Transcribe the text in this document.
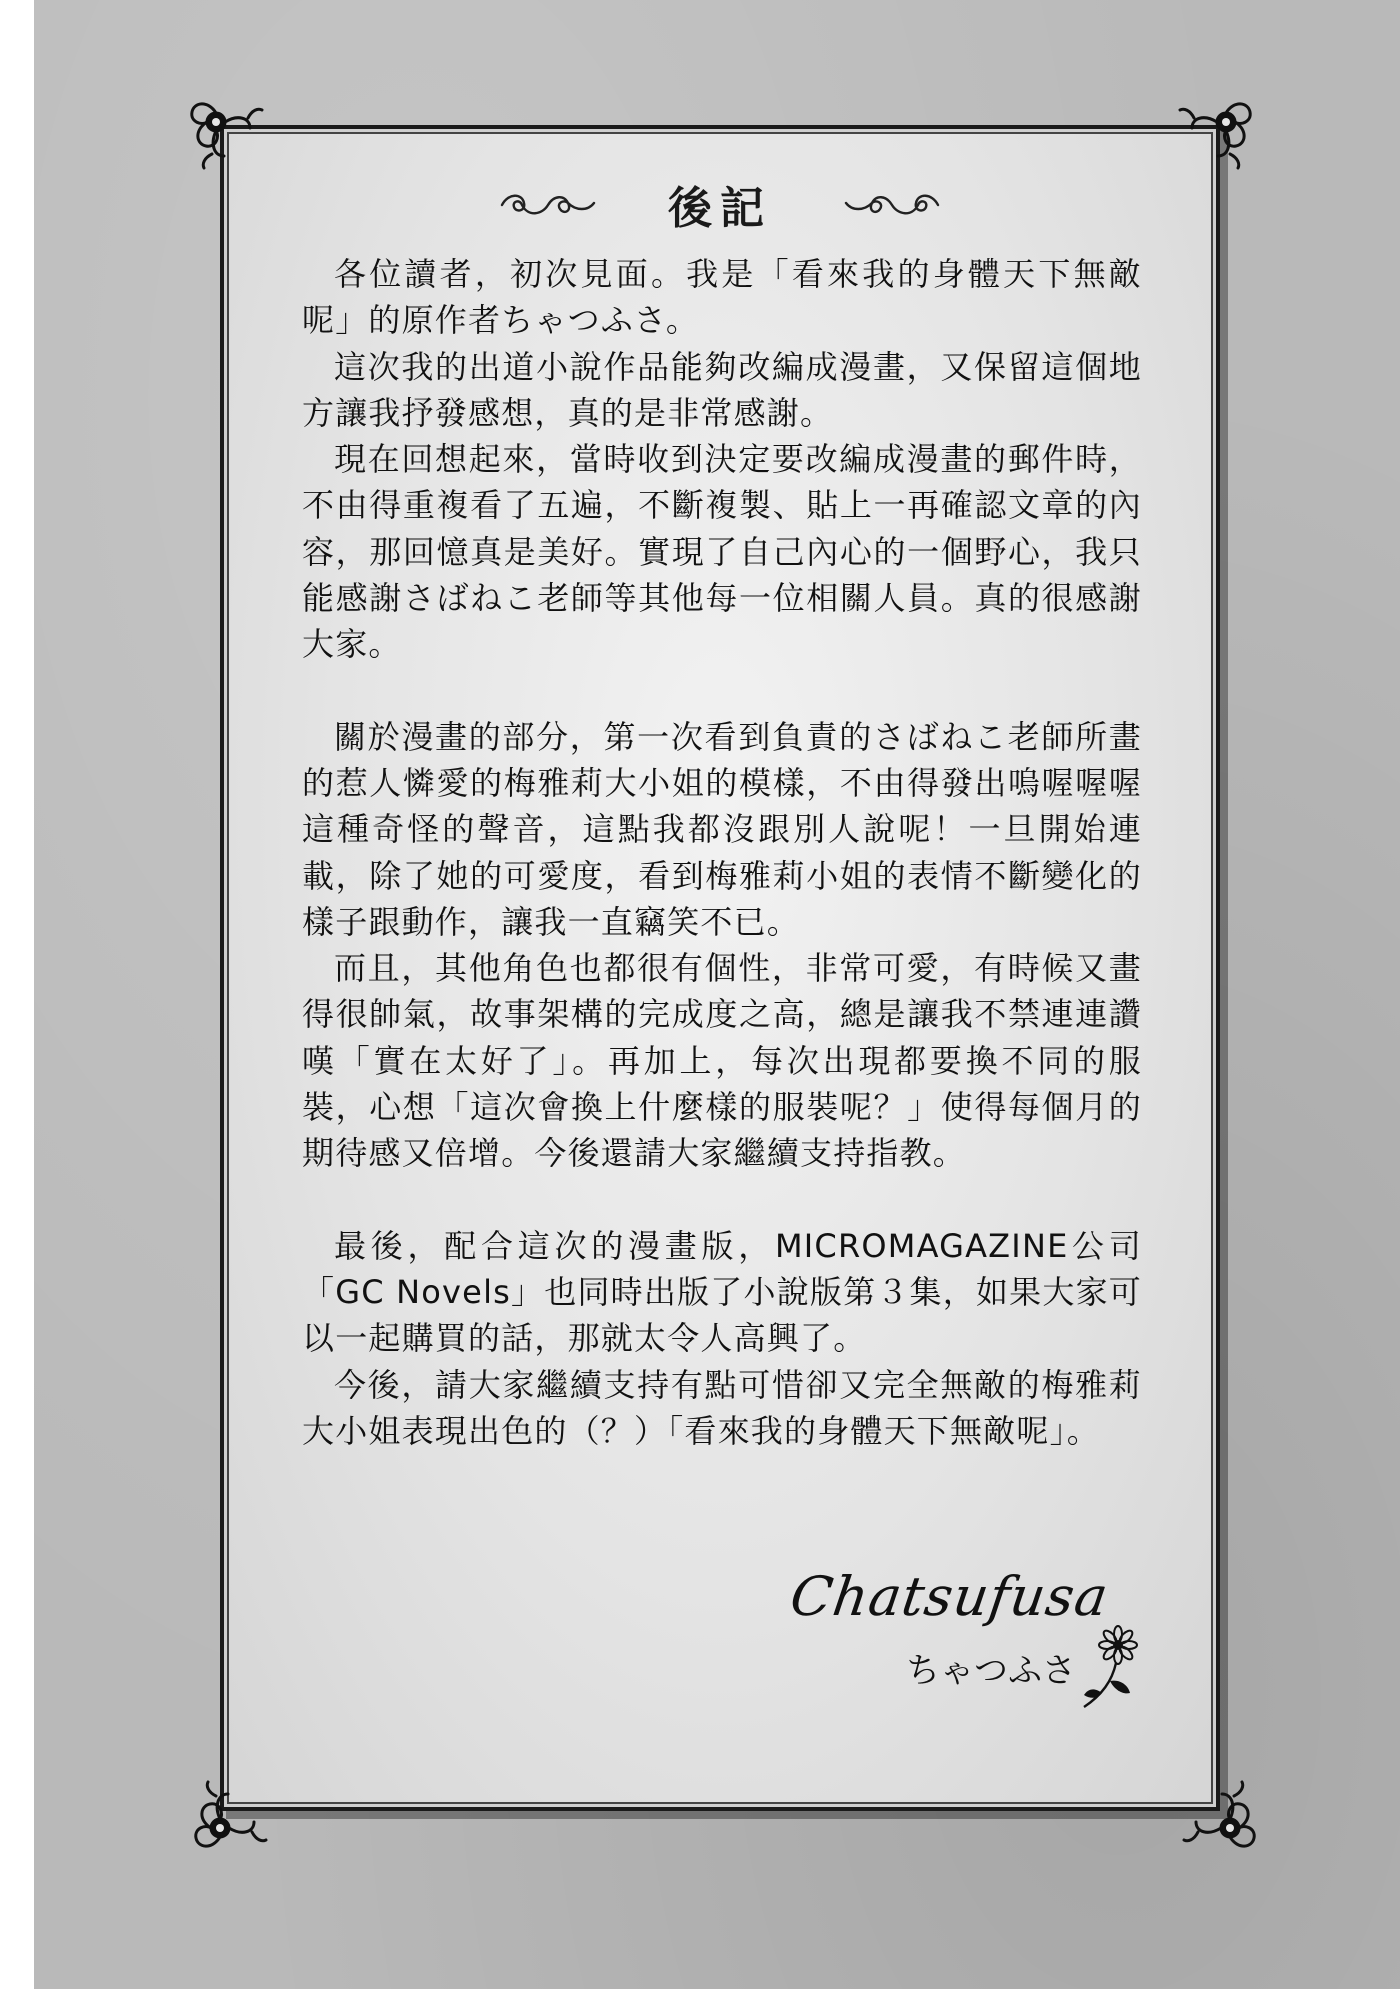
後記

各位讀者，初次見面。我是「看來我的身體天下無敵呢」的原作者ちゃつふさ。

這次我的出道小說作品能夠改編成漫畫，又保留這個地方讓我抒發感想，真的是非常感謝。

現在回想起來，當時收到決定要改編成漫畫的郵件時，不由得重複看了五遍，不斷複製、貼上一再確認文章的內容，那回憶真是美好。實現了自己內心的一個野心，我只能感謝さばねこ老師等其他每一位相關人員。真的很感謝大家。

關於漫畫的部分，第一次看到負責的さばねこ老師所畫的惹人憐愛的梅雅莉大小姐的模樣，不由得發出嗚喔喔喔這種奇怪的聲音，這點我都沒跟別人說呢！一旦開始連載，除了她的可愛度，看到梅雅莉小姐的表情不斷變化的樣子跟動作，讓我一直竊笑不已。

而且，其他角色也都很有個性，非常可愛，有時候又畫得很帥氣，故事架構的完成度之高，總是讓我不禁連連讚嘆「實在太好了」。再加上，每次出現都要換不同的服裝，心想「這次會換上什麼樣的服裝呢？」使得每個月的期待感又倍增。今後還請大家繼續支持指教。

最後，配合這次的漫畫版，MICROMAGAZINE公司「GC Novels」也同時出版了小說版第３集，如果大家可以一起購買的話，那就太令人高興了。

今後，請大家繼續支持有點可惜卻又完全無敵的梅雅莉大小姐表現出色的（？）「看來我的身體天下無敵呢」。

Chatsufusa
ちゃつふさ
